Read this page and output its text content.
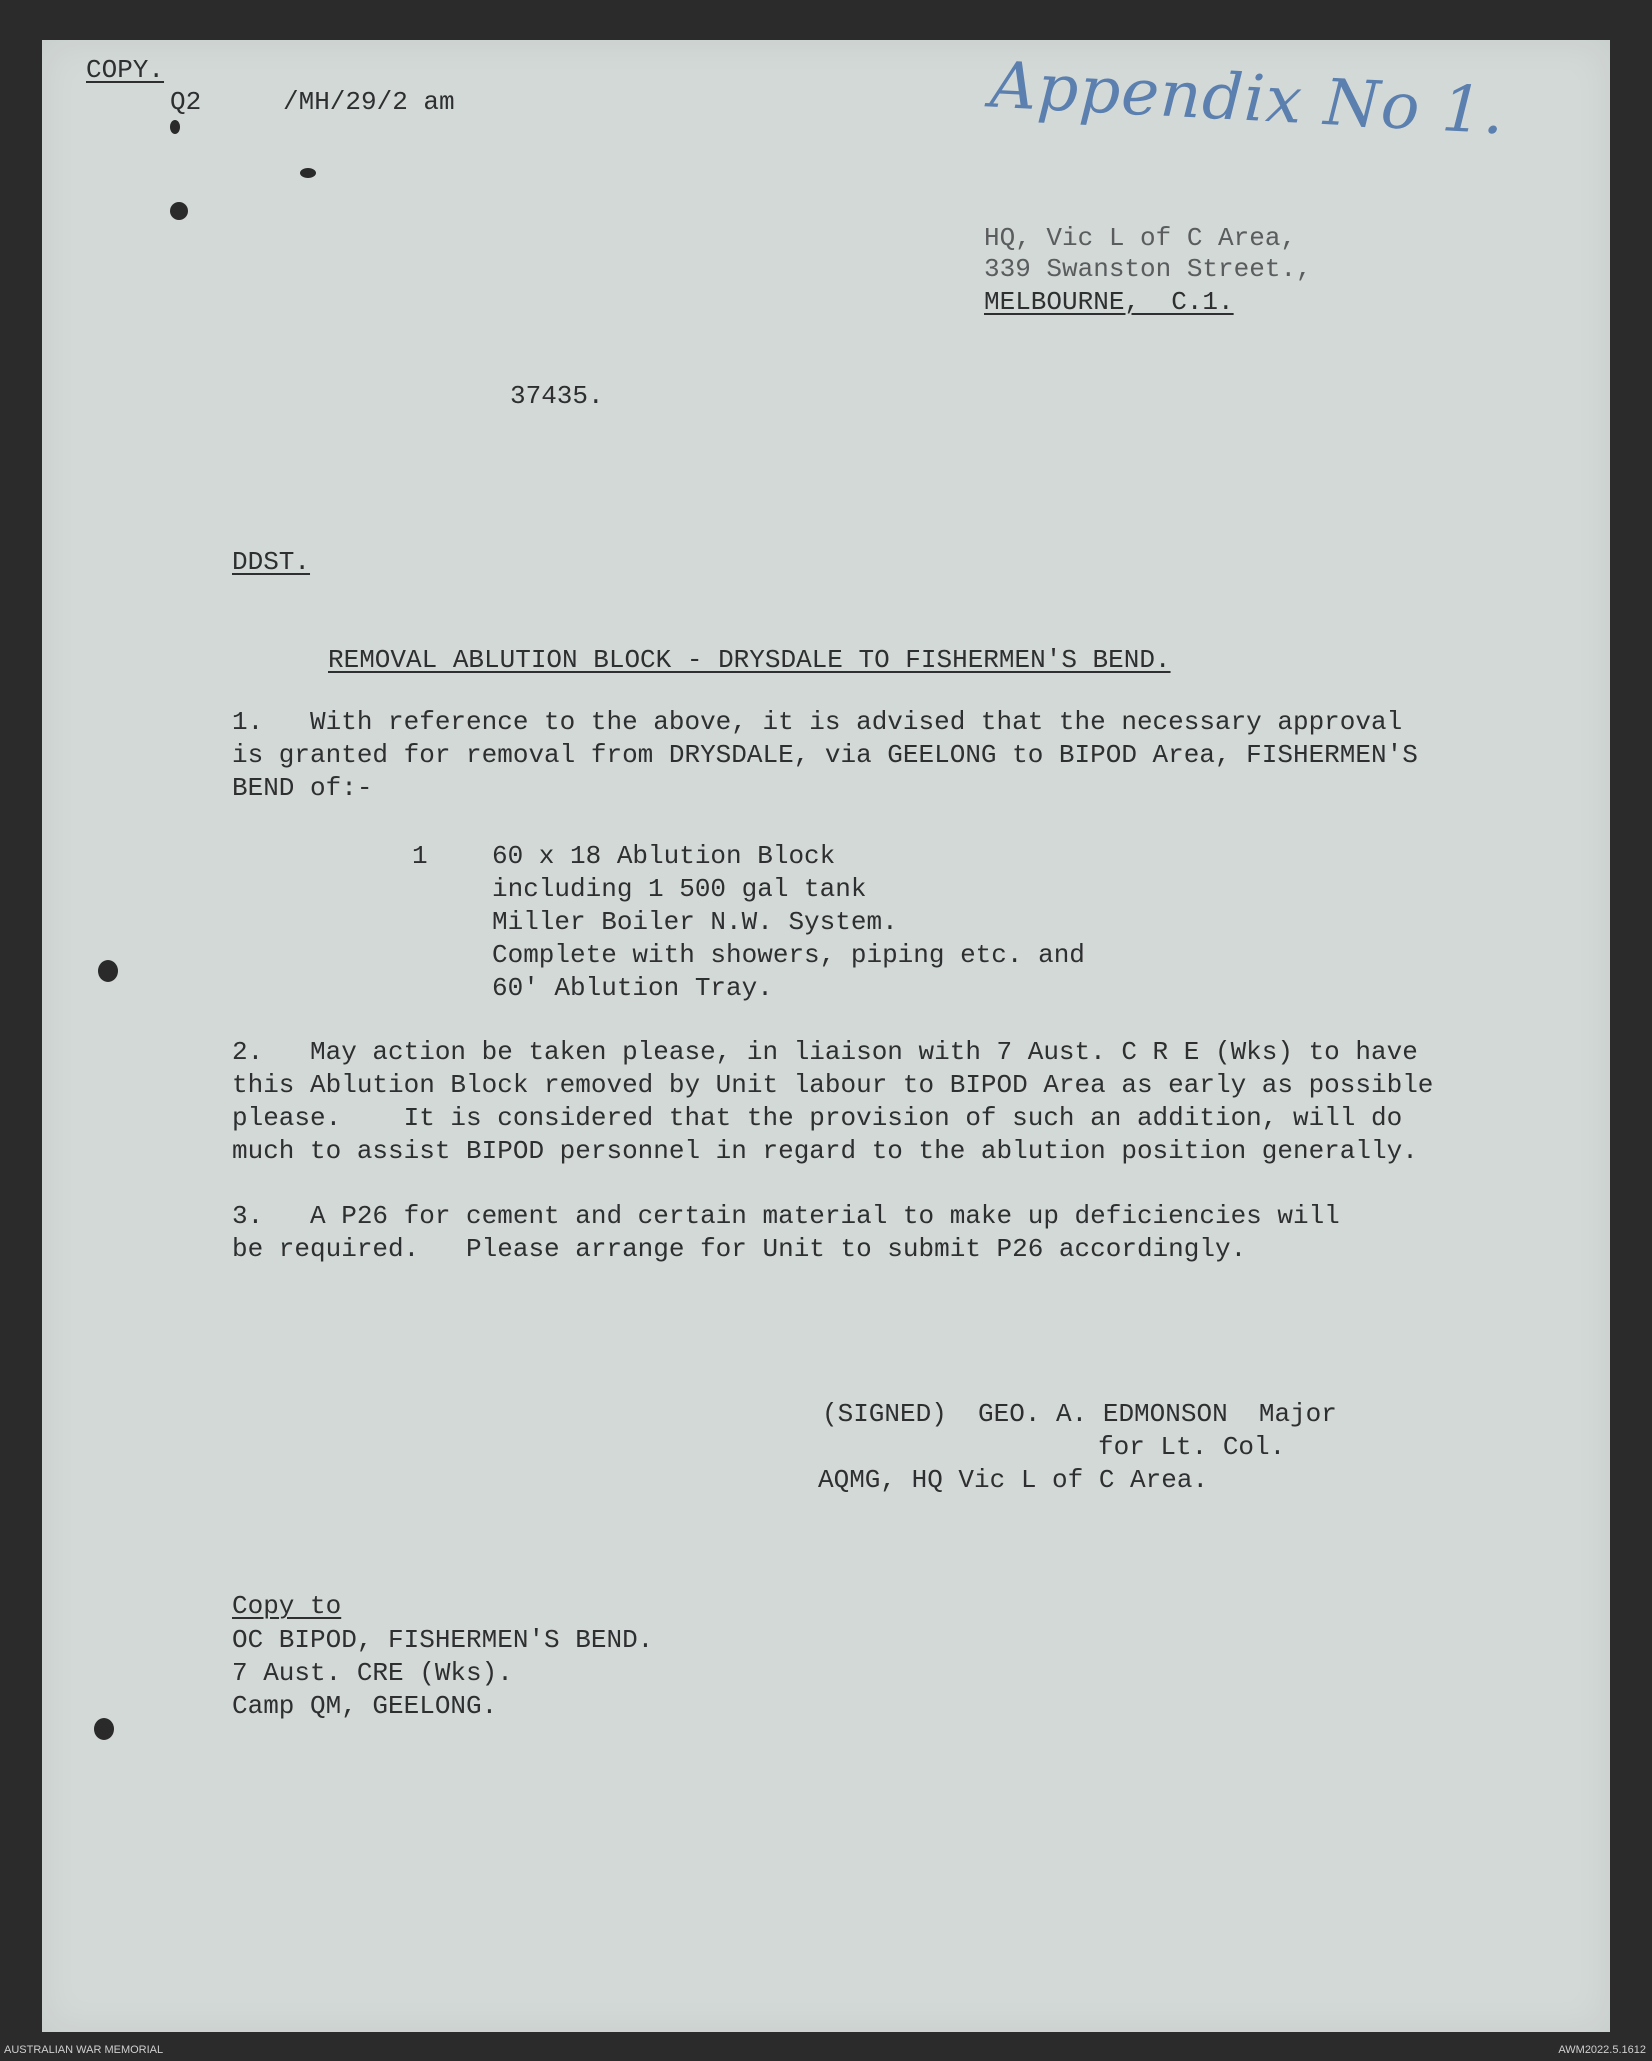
COPY.
Q2	/MH/29/2 am	Appendix No 1.
HQ, Vic L of C Area,
339 Swanston Street.,
MELBOURNE,  C.1.
37435.
DDST.
REMOVAL ABLUTION BLOCK - DRYSDALE TO FISHERMEN'S BEND.
1.   With reference to the above, it is advised that the necessary approval
is granted for removal from DRYSDALE, via GEELONG to BIPOD Area, FISHERMEN'S
BEND of:-
1 60 x 18 Ablution Block
including 1 500 gal tank
Miller Boiler N.W. System.
Complete with showers, piping etc. and
60' Ablution Tray.
2.   May action be taken please, in liaison with 7 Aust. C R E (Wks) to have
this Ablution Block removed by Unit labour to BIPOD Area as early as possible
please.    It is considered that the provision of such an addition, will do
much to assist BIPOD personnel in regard to the ablution position generally.
3.   A P26 for cement and certain material to make up deficiencies will
be required.   Please arrange for Unit to submit P26 accordingly.
(SIGNED)  GEO. A. EDMONSON  Major
for Lt. Col.
AQMG, HQ Vic L of C Area.
Copy to
OC BIPOD, FISHERMEN'S BEND.
7 Aust. CRE (Wks).
Camp QM, GEELONG.
AUSTRALIAN WAR MEMORIAL	AWM2022.5.1612
